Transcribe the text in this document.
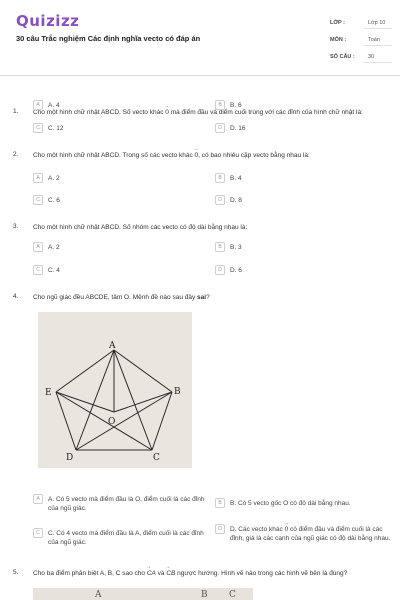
Quizizz
30 câu Trắc nghiệm Các định nghĩa vecto có đáp án
LỚP :	Lớp 10
MÔN :	Toán
SỐ CÂU :	30
1. Cho một hình chữ nhật ABCD. Số vecto khác → 0 mà điểm đầu và điểm cuối trùng với các đỉnh của hình chữ nhật là:
A	A. 4	B	B. 6
C	C. 12	D	D. 16
2. Cho một hình chữ nhật ABCD. Trong số các vecto khác → 0, có bao nhiêu cặp vecto bằng nhau là:
A	A. 2	B	B. 4
C	C. 6	D	D. 8
3. Cho một hình chữ nhật ABCD. Số nhóm các vecto có độ dài bằng nhau là:
A	A. 2	B	B. 3
C	C. 4	D	D. 6
4. Cho ngũ giác đều ABCDE, tâm O. Mệnh đề nào sau đây sai?
A
B
C
D
E
O
A	A. Có 5 vecto mà điểm đầu là O, điểm cuối là các đỉnh của ngũ giác.
B	B. Có 5 vecto gốc O có độ dài bằng nhau.
C	C. Có 4 vecto mà điểm đầu là A, điểm cuối là các đỉnh của ngũ giác.
D	D. Các vecto khác → 0 có điểm đầu và điểm cuối là các đỉnh, giá là các cạnh của ngũ giác có độ dài bằng nhau.
5. Cho ba điểm phân biệt A, B, C sao cho → CA và → CB ngược hướng. Hình vẽ nào trong các hình vẽ bên là đúng?
A	B C
